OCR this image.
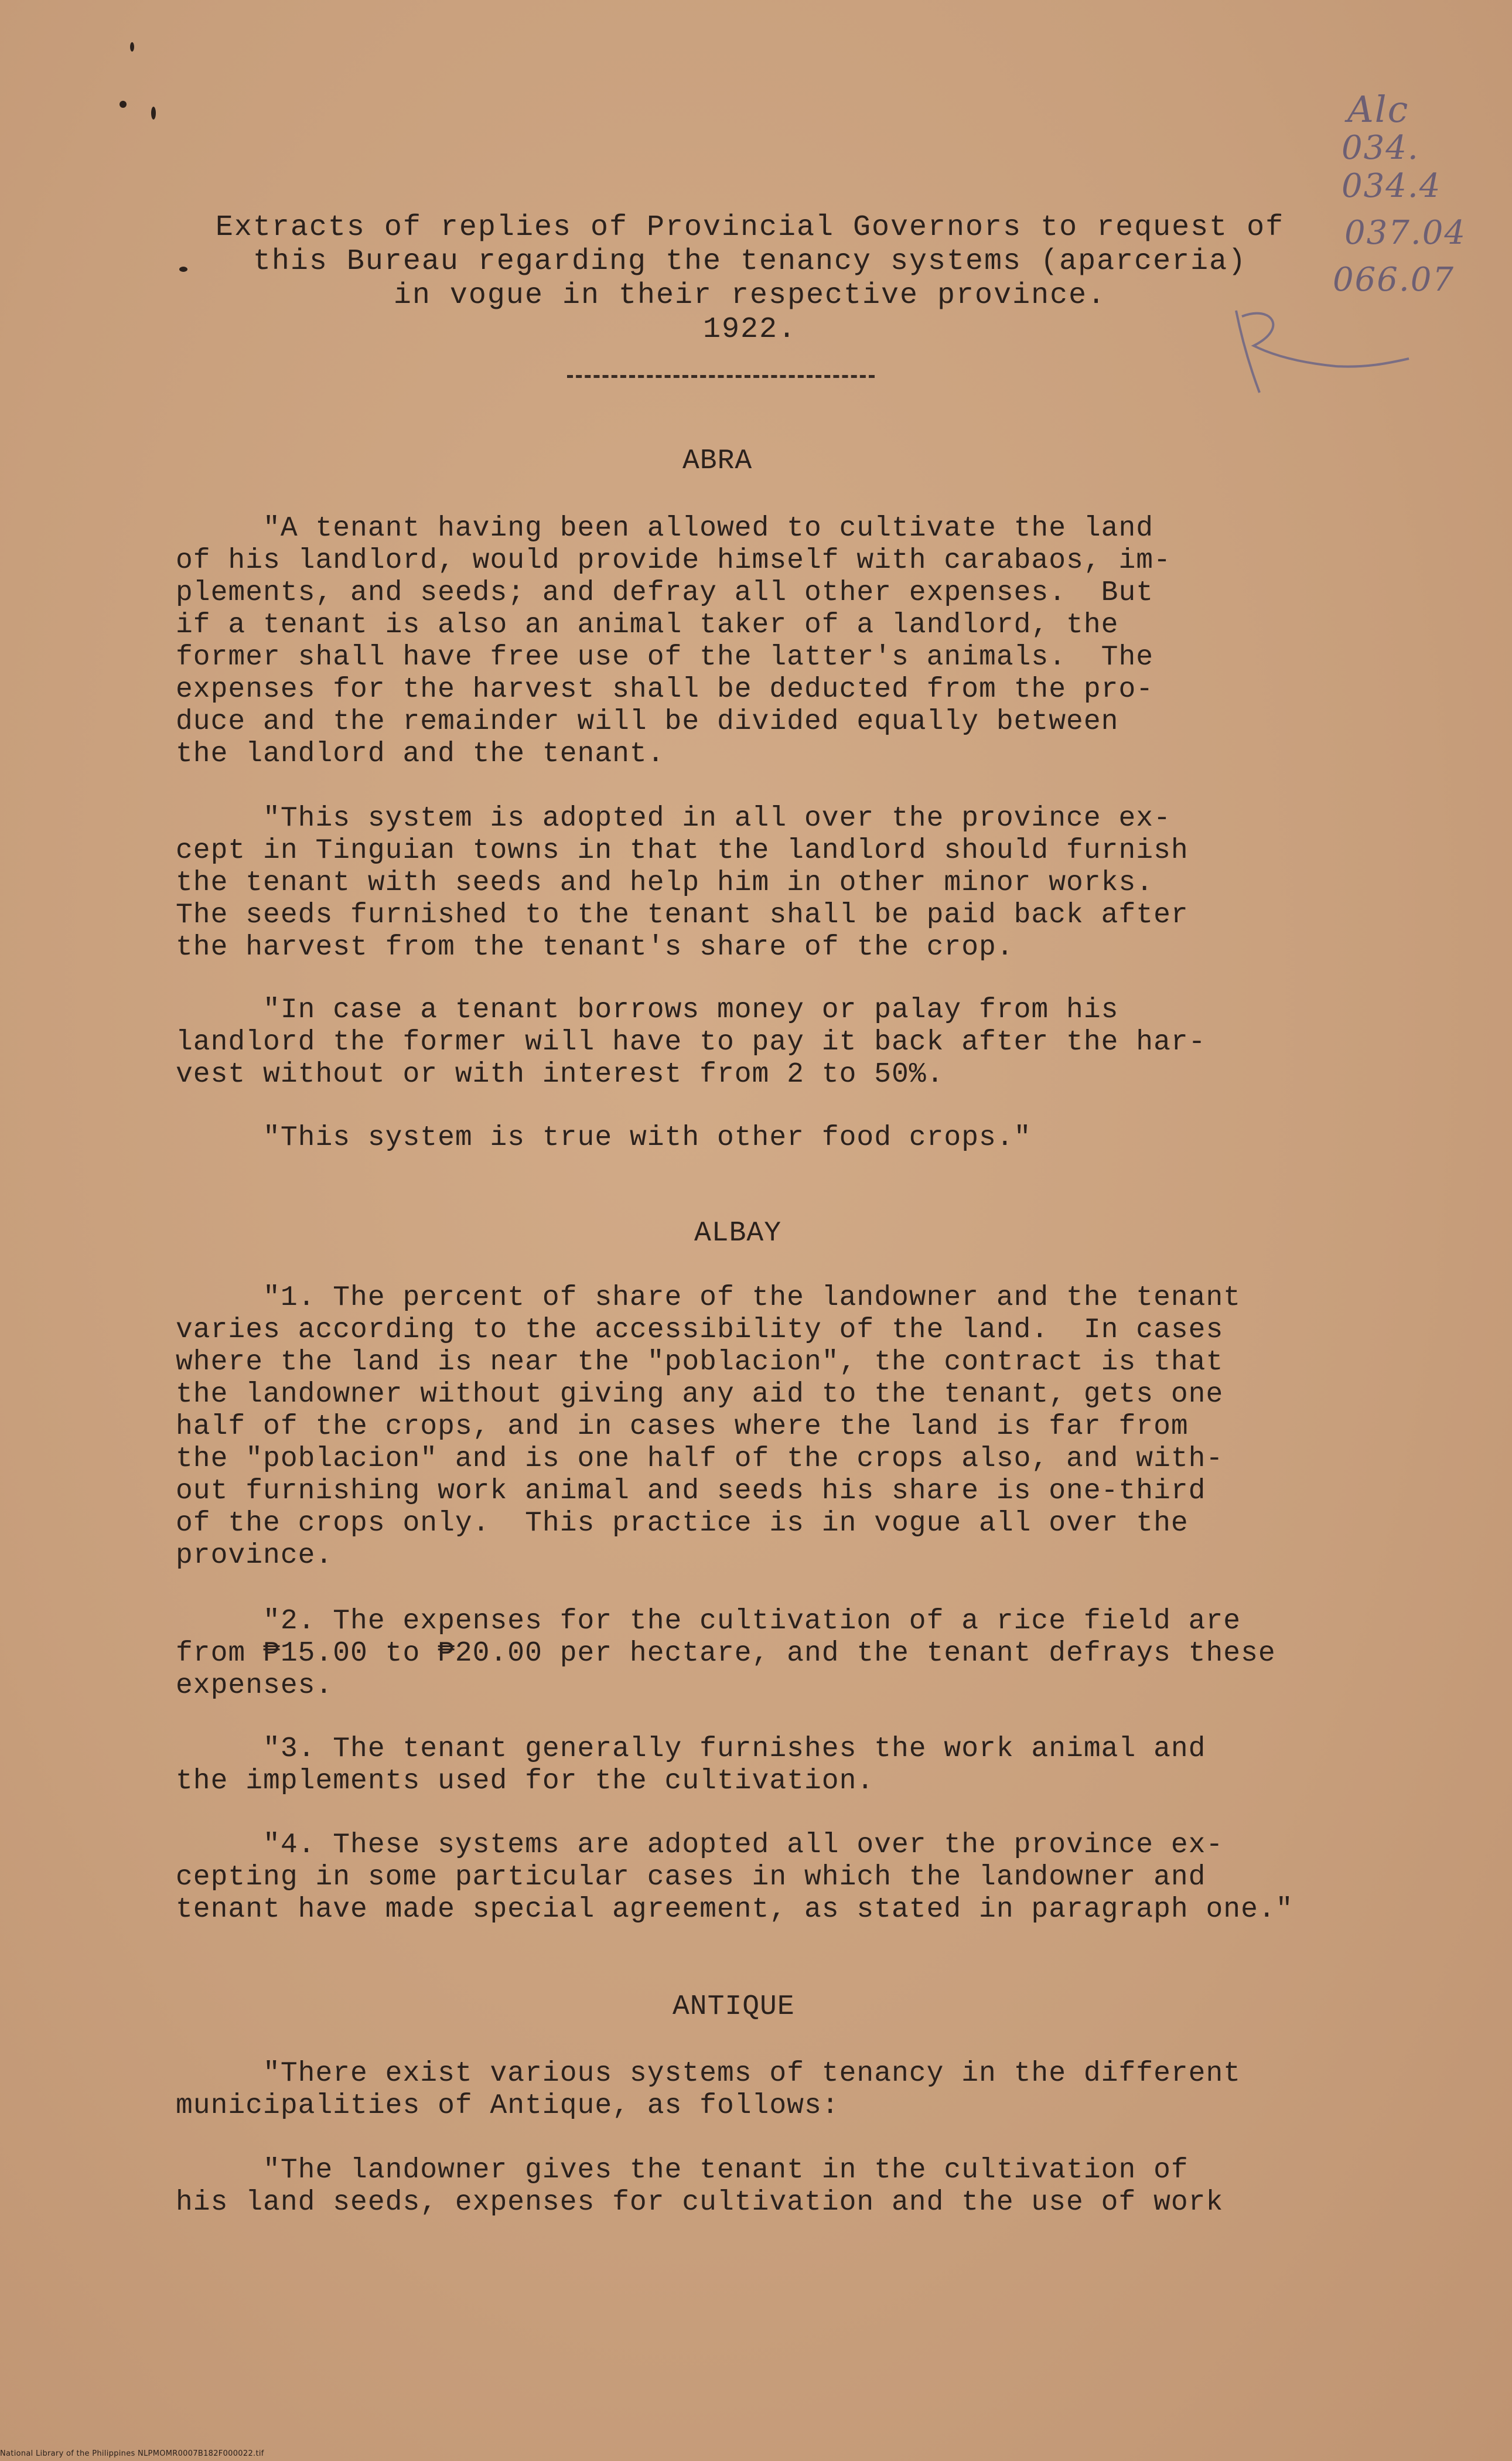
Extracts of replies of Provincial Governors to request of
this Bureau regarding the tenancy systems (aparceria)
in vogue in their respective province.
1922.
Alc
034.
034.4
037.04
066.07
ABRA
"A tenant having been allowed to cultivate the land
of his landlord, would provide himself with carabaos, im-
plements, and seeds; and defray all other expenses.  But
if a tenant is also an animal taker of a landlord, the
former shall have free use of the latter's animals.  The
expenses for the harvest shall be deducted from the pro-
duce and the remainder will be divided equally between
the landlord and the tenant.
"This system is adopted in all over the province ex-
cept in Tinguian towns in that the landlord should furnish
the tenant with seeds and help him in other minor works.
The seeds furnished to the tenant shall be paid back after
the harvest from the tenant's share of the crop.
"In case a tenant borrows money or palay from his
landlord the former will have to pay it back after the har-
vest without or with interest from 2 to 50%.
"This system is true with other food crops."
ALBAY
"1. The percent of share of the landowner and the tenant
varies according to the accessibility of the land.  In cases
where the land is near the "poblacion", the contract is that
the landowner without giving any aid to the tenant, gets one
half of the crops, and in cases where the land is far from
the "poblacion" and is one half of the crops also, and with-
out furnishing work animal and seeds his share is one-third
of the crops only.  This practice is in vogue all over the
province.
"2. The expenses for the cultivation of a rice field are
from ₱15.00 to ₱20.00 per hectare, and the tenant defrays these
expenses.
"3. The tenant generally furnishes the work animal and
the implements used for the cultivation.
"4. These systems are adopted all over the province ex-
cepting in some particular cases in which the landowner and
tenant have made special agreement, as stated in paragraph one."
ANTIQUE
"There exist various systems of tenancy in the different
municipalities of Antique, as follows:
"The landowner gives the tenant in the cultivation of
his land seeds, expenses for cultivation and the use of work
National Library of the Philippines NLPMOMR0007B182F000022.tif
